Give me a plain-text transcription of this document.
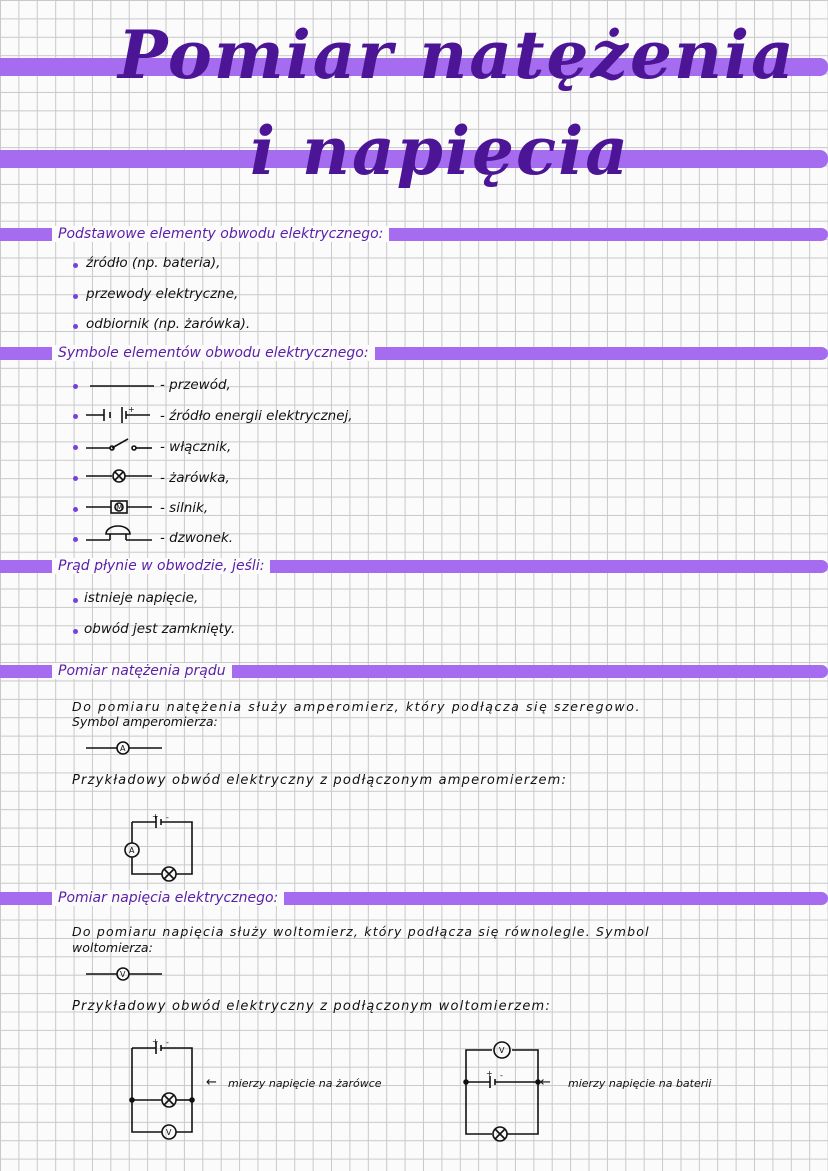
Pomiar natężenia
i napięcia
Podstawowe elementy obwodu elektrycznego:
źródło (np. bateria),
przewody elektryczne,
odbiornik (np. żarówka).
Symbole elementów obwodu elektrycznego:
- przewód,
+ - źródło energii elektrycznej,
- włącznik,
- żarówka,
M	- silnik,
- dzwonek.
Prąd płynie w obwodzie, jeśli:
istnieje napięcie,
obwód jest zamknięty.
Pomiar natężenia prądu
Do pomiaru natężenia służy amperomierz, który podłącza się szeregowo.
Symbol amperomierza:
A
Przykładowy obwód elektryczny z podłączonym amperomierzem:
+ -
A
Pomiar napięcia elektrycznego:
Do pomiaru napięcia służy woltomierz, który podłącza się równolegle. Symbol
woltomierza:
V
Przykładowy obwód elektryczny z podłączonym woltomierzem:
+ -
V
← mierzy napięcie na żarówce
V
+ -	← mierzy napięcie na baterii
